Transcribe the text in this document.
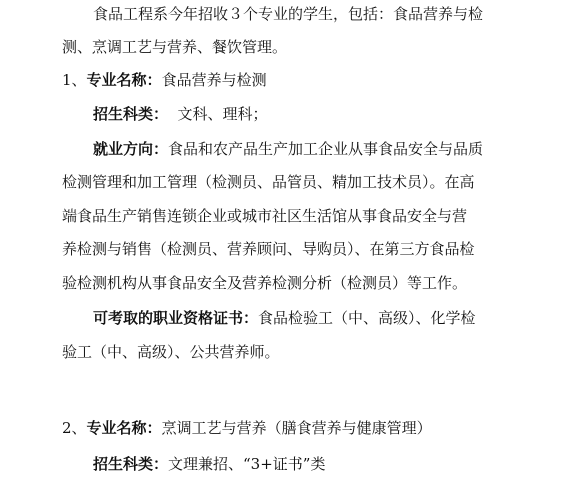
食品工程系今年招收３个专业的学生，包括：食品营养与检
测、烹调工艺与营养、餐饮管理。
1、专业名称：食品营养与检测
招生科类：  文科、理科；
就业方向：食品和农产品生产加工企业从事食品安全与品质
检测管理和加工管理（检测员、品管员、精加工技术员）。在高
端食品生产销售连锁企业或城市社区生活馆从事食品安全与营
养检测与销售（检测员、营养顾问、导购员）、在第三方食品检
验检测机构从事食品安全及营养检测分析（检测员）等工作。
可考取的职业资格证书：食品检验工（中、高级）、化学检
验工（中、高级）、公共营养师。
2、专业名称：烹调工艺与营养（膳食营养与健康管理）
招生科类：文理兼招、“3+证书”类
